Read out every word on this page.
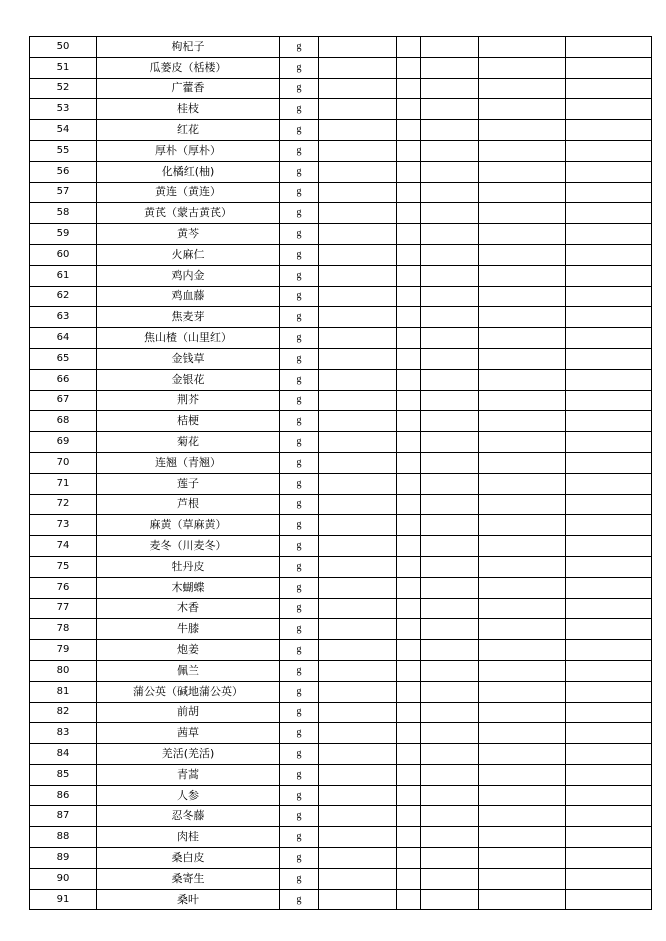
50	枸杞子	g					
51	瓜蒌皮（栝楼）	g					
52	广藿香	g					
53	桂枝	g					
54	红花	g					
55	厚朴（厚朴）	g					
56	化橘红(柚)	g					
57	黄连（黄连）	g					
58	黄芪（蒙古黄芪）	g					
59	黄芩	g					
60	火麻仁	g					
61	鸡内金	g					
62	鸡血藤	g					
63	焦麦芽	g					
64	焦山楂（山里红）	g					
65	金钱草	g					
66	金银花	g					
67	荆芥	g					
68	桔梗	g					
69	菊花	g					
70	连翘（青翘）	g					
71	莲子	g					
72	芦根	g					
73	麻黄（草麻黄）	g					
74	麦冬（川麦冬）	g					
75	牡丹皮	g					
76	木蝴蝶	g					
77	木香	g					
78	牛膝	g					
79	炮姜	g					
80	佩兰	g					
81	蒲公英（碱地蒲公英）	g					
82	前胡	g					
83	茜草	g					
84	羌活(羌活)	g					
85	青蒿	g					
86	人参	g					
87	忍冬藤	g					
88	肉桂	g					
89	桑白皮	g					
90	桑寄生	g					
91	桑叶	g					
